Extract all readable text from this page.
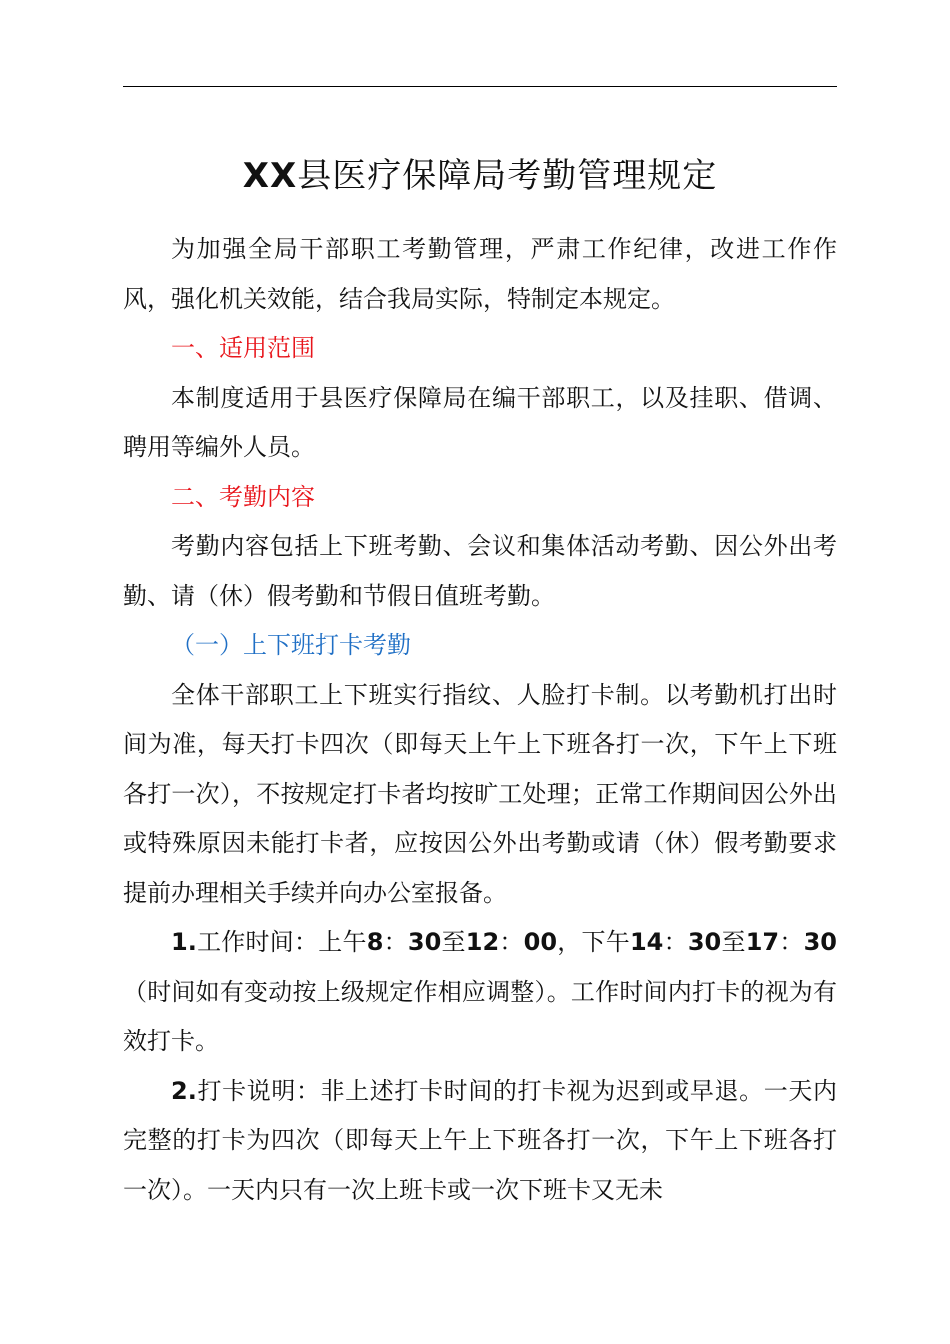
XX县医疗保障局考勤管理规定

为加强全局干部职工考勤管理，严肃工作纪律，改进工作作风，强化机关效能，结合我局实际，特制定本规定。

一、适用范围

本制度适用于县医疗保障局在编干部职工，以及挂职、借调、聘用等编外人员。

二、考勤内容

考勤内容包括上下班考勤、会议和集体活动考勤、因公外出考勤、请（休）假考勤和节假日值班考勤。

（一）上下班打卡考勤

全体干部职工上下班实行指纹、人脸打卡制。以考勤机打出时间为准，每天打卡四次（即每天上午上下班各打一次，下午上下班各打一次），不按规定打卡者均按旷工处理；正常工作期间因公外出或特殊原因未能打卡者，应按因公外出考勤或请（休）假考勤要求提前办理相关手续并向办公室报备。

1.工作时间：上午8：30至12：00，下午14：30至17：30（时间如有变动按上级规定作相应调整）。工作时间内打卡的视为有效打卡。

2.打卡说明：非上述打卡时间的打卡视为迟到或早退。一天内完整的打卡为四次（即每天上午上下班各打一次，下午上下班各打一次）。一天内只有一次上班卡或一次下班卡又无未
